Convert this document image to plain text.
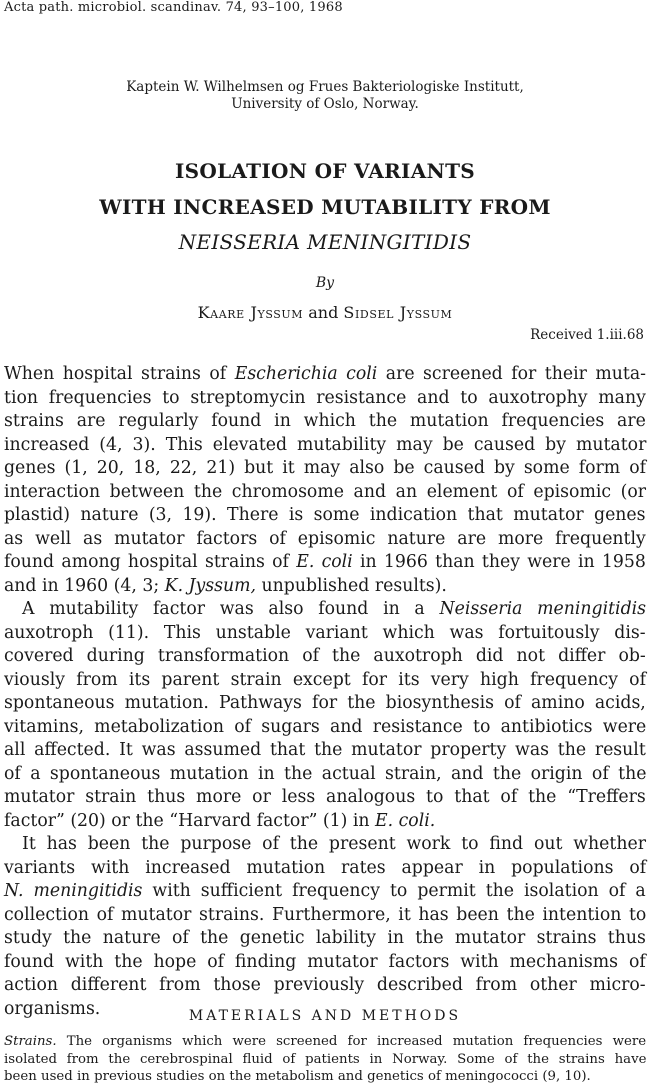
Acta path. microbiol. scandinav. 74, 93–100, 1968
Kaptein W. Wilhelmsen og Frues Bakteriologiske Institutt,
University of Oslo, Norway.
ISOLATION OF VARIANTS
WITH INCREASED MUTABILITY FROM
NEISSERIA MENINGITIDIS
By
Kaare Jyssum and Sidsel Jyssum
Received 1.iii.68
When hospital strains of Escherichia coli are screened for their muta-
tion frequencies to streptomycin resistance and to auxotrophy many
strains are regularly found in which the mutation frequencies are
increased (4, 3). This elevated mutability may be caused by mutator
genes (1, 20, 18, 22, 21) but it may also be caused by some form of
interaction between the chromosome and an element of episomic (or
plastid) nature (3, 19). There is some indication that mutator genes
as well as mutator factors of episomic nature are more frequently
found among hospital strains of E. coli in 1966 than they were in 1958
and in 1960 (4, 3; K. Jyssum, unpublished results).
A mutability factor was also found in a Neisseria meningitidis
auxotroph (11). This unstable variant which was fortuitously dis-
covered during transformation of the auxotroph did not differ ob-
viously from its parent strain except for its very high frequency of
spontaneous mutation. Pathways for the biosynthesis of amino acids,
vitamins, metabolization of sugars and resistance to antibiotics were
all affected. It was assumed that the mutator property was the result
of a spontaneous mutation in the actual strain, and the origin of the
mutator strain thus more or less analogous to that of the “Treffers
factor” (20) or the “Harvard factor” (1) in E. coli.
It has been the purpose of the present work to find out whether
variants with increased mutation rates appear in populations of
N. meningitidis with sufficient frequency to permit the isolation of a
collection of mutator strains. Furthermore, it has been the intention to
study the nature of the genetic lability in the mutator strains thus
found with the hope of finding mutator factors with mechanisms of
action different from those previously described from other micro-
organisms.	MATERIALS AND METHODS
Strains. The organisms which were screened for increased mutation frequencies were
isolated from the cerebrospinal fluid of patients in Norway. Some of the strains have
been used in previous studies on the metabolism and genetics of meningococci (9, 10).
